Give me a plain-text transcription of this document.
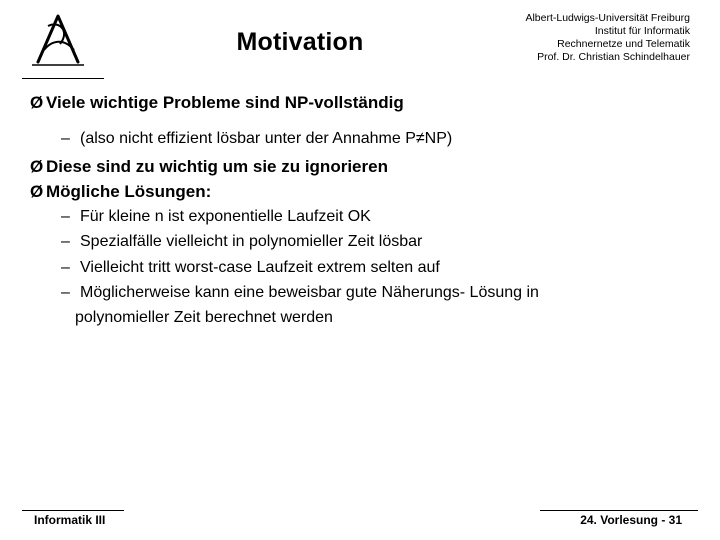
Motivation
Albert-Ludwigs-Universität Freiburg
Institut für Informatik
Rechnernetze und Telematik
Prof. Dr. Christian Schindelhauer
Ø Viele wichtige Probleme sind NP-vollständig
– (also nicht effizient lösbar unter der Annahme P≠NP)
Ø Diese sind zu wichtig um sie zu ignorieren
Ø Mögliche Lösungen:
– Für kleine n ist exponentielle Laufzeit OK
– Spezialfälle vielleicht in polynomieller Zeit lösbar
– Vielleicht tritt worst-case Laufzeit extrem selten auf
– Möglicherweise kann eine beweisbar gute Näherungs- Lösung in
polynomieller Zeit berechnet werden
Informatik III	24. Vorlesung - 31
